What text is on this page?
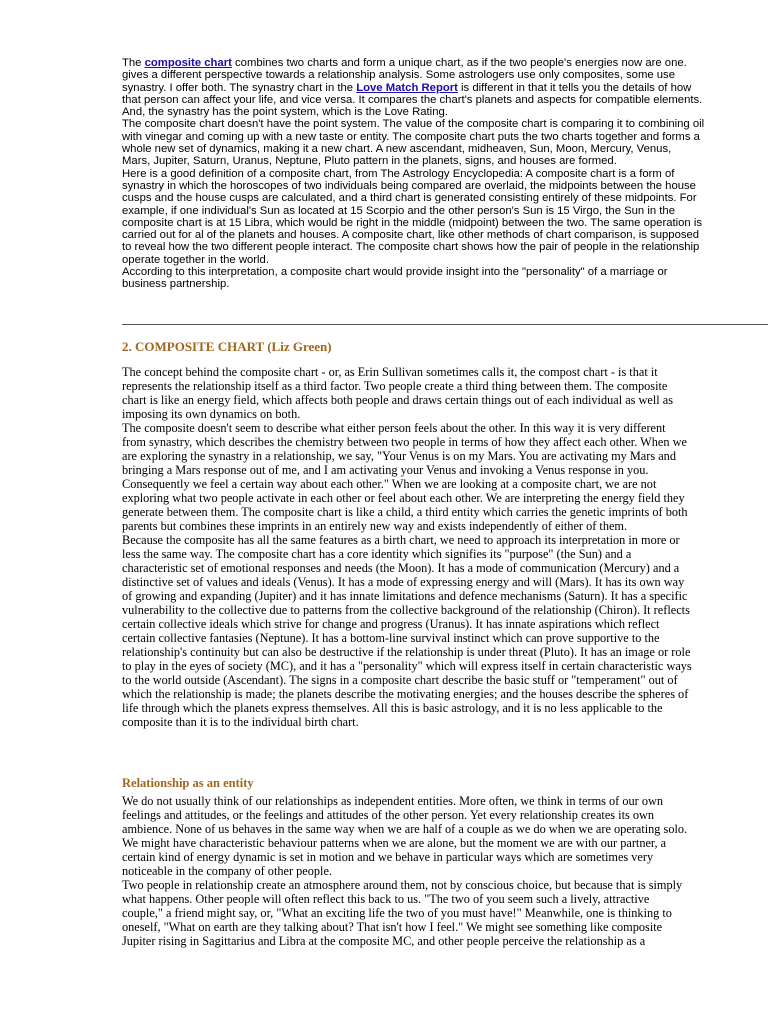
The composite chart combines two charts and form a unique chart, as if the two people's energies now are one.
gives a different perspective towards a relationship analysis. Some astrologers use only composites, some use
synastry. I offer both. The synastry chart in the Love Match Report is different in that it tells you the details of how
that person can affect your life, and vice versa. It compares the chart's planets and aspects for compatible elements.
And, the synastry has the point system, which is the Love Rating.
The composite chart doesn't have the point system. The value of the composite chart is comparing it to combining oil
with vinegar and coming up with a new taste or entity. The composite chart puts the two charts together and forms a
whole new set of dynamics, making it a new chart. A new ascendant, midheaven, Sun, Moon, Mercury, Venus,
Mars, Jupiter, Saturn, Uranus, Neptune, Pluto pattern in the planets, signs, and houses are formed.
Here is a good definition of a composite chart, from The Astrology Encyclopedia: A composite chart is a form of
synastry in which the horoscopes of two individuals being compared are overlaid, the midpoints between the house
cusps and the house cusps are calculated, and a third chart is generated consisting entirely of these midpoints. For
example, if one individual's Sun as located at 15 Scorpio and the other person's Sun is 15 Virgo, the Sun in the
composite chart is at 15 Libra, which would be right in the middle (midpoint) between the two. The same operation is
carried out for al of the planets and houses. A composite chart, like other methods of chart comparison, is supposed
to reveal how the two different people interact. The composite chart shows how the pair of people in the relationship
operate together in the world.
According to this interpretation, a composite chart would provide insight into the "personality" of a marriage or
business partnership.
2. COMPOSITE CHART (Liz Green)
The concept behind the composite chart - or, as Erin Sullivan sometimes calls it, the compost chart - is that it
represents the relationship itself as a third factor. Two people create a third thing between them. The composite
chart is like an energy field, which affects both people and draws certain things out of each individual as well as
imposing its own dynamics on both.
The composite doesn't seem to describe what either person feels about the other. In this way it is very different
from synastry, which describes the chemistry between two people in terms of how they affect each other. When we
are exploring the synastry in a relationship, we say, "Your Venus is on my Mars. You are activating my Mars and
bringing a Mars response out of me, and I am activating your Venus and invoking a Venus response in you.
Consequently we feel a certain way about each other." When we are looking at a composite chart, we are not
exploring what two people activate in each other or feel about each other. We are interpreting the energy field they
generate between them. The composite chart is like a child, a third entity which carries the genetic imprints of both
parents but combines these imprints in an entirely new way and exists independently of either of them.
Because the composite has all the same features as a birth chart, we need to approach its interpretation in more or
less the same way. The composite chart has a core identity which signifies its "purpose" (the Sun) and a
characteristic set of emotional responses and needs (the Moon). It has a mode of communication (Mercury) and a
distinctive set of values and ideals (Venus). It has a mode of expressing energy and will (Mars). It has its own way
of growing and expanding (Jupiter) and it has innate limitations and defence mechanisms (Saturn). It has a specific
vulnerability to the collective due to patterns from the collective background of the relationship (Chiron). It reflects
certain collective ideals which strive for change and progress (Uranus). It has innate aspirations which reflect
certain collective fantasies (Neptune). It has a bottom-line survival instinct which can prove supportive to the
relationship's continuity but can also be destructive if the relationship is under threat (Pluto). It has an image or role
to play in the eyes of society (MC), and it has a "personality" which will express itself in certain characteristic ways
to the world outside (Ascendant). The signs in a composite chart describe the basic stuff or "temperament" out of
which the relationship is made; the planets describe the motivating energies; and the houses describe the spheres of
life through which the planets express themselves. All this is basic astrology, and it is no less applicable to the
composite than it is to the individual birth chart.
Relationship as an entity
We do not usually think of our relationships as independent entities. More often, we think in terms of our own
feelings and attitudes, or the feelings and attitudes of the other person. Yet every relationship creates its own
ambience. None of us behaves in the same way when we are half of a couple as we do when we are operating solo.
We might have characteristic behaviour patterns when we are alone, but the moment we are with our partner, a
certain kind of energy dynamic is set in motion and we behave in particular ways which are sometimes very
noticeable in the company of other people.
Two people in relationship create an atmosphere around them, not by conscious choice, but because that is simply
what happens. Other people will often reflect this back to us. "The two of you seem such a lively, attractive
couple," a friend might say, or, "What an exciting life the two of you must have!" Meanwhile, one is thinking to
oneself, "What on earth are they talking about? That isn't how I feel." We might see something like composite
Jupiter rising in Sagittarius and Libra at the composite MC, and other people perceive the relationship as a
